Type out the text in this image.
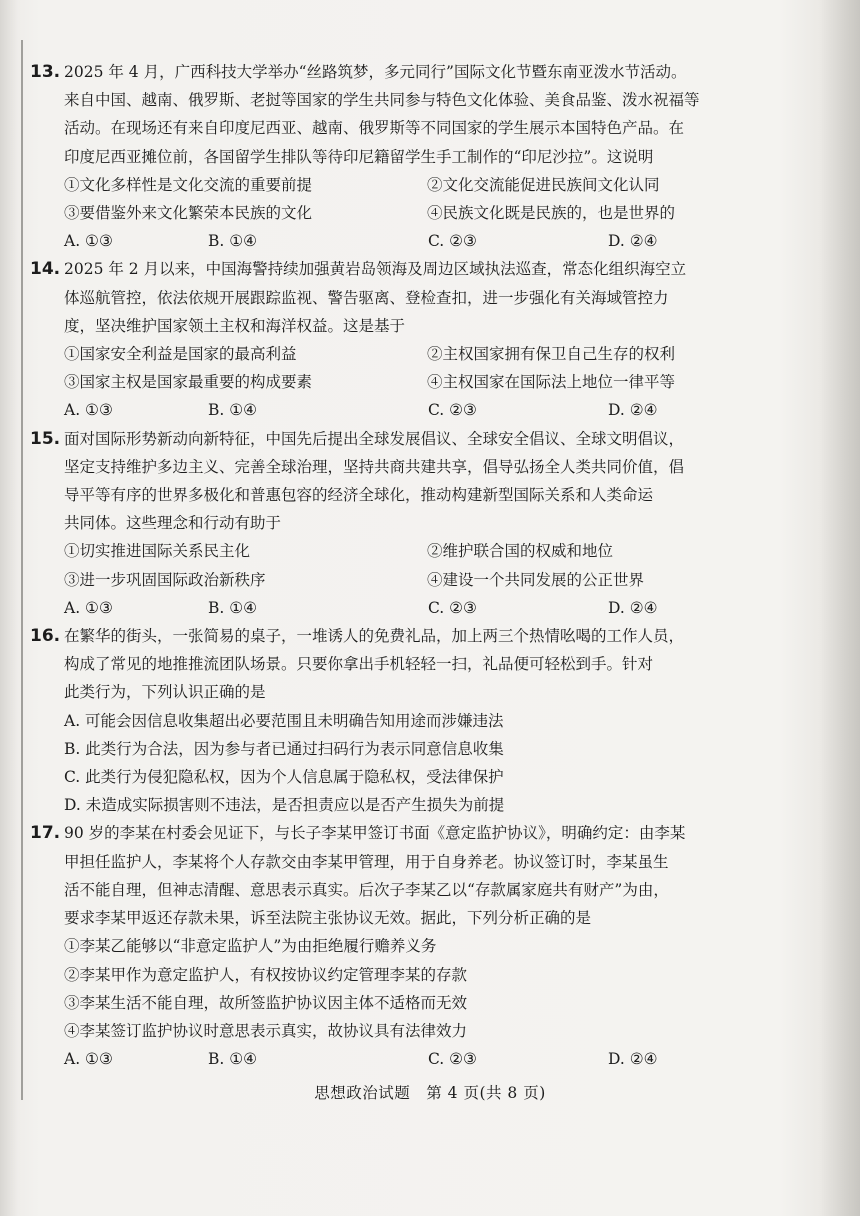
13. 2025 年 4 月，广西科技大学举办“丝路筑梦，多元同行”国际文化节暨东南亚泼水节活动。
来自中国、越南、俄罗斯、老挝等国家的学生共同参与特色文化体验、美食品鉴、泼水祝福等
活动。在现场还有来自印度尼西亚、越南、俄罗斯等不同国家的学生展示本国特色产品。在
印度尼西亚摊位前，各国留学生排队等待印尼籍留学生手工制作的“印尼沙拉”。这说明
①文化多样性是文化交流的重要前提	②文化交流能促进民族间文化认同
③要借鉴外来文化繁荣本民族的文化	④民族文化既是民族的，也是世界的
A. ①③	B. ①④	C. ②③	D. ②④
14. 2025 年 2 月以来，中国海警持续加强黄岩岛领海及周边区域执法巡查，常态化组织海空立
体巡航管控，依法依规开展跟踪监视、警告驱离、登检查扣，进一步强化有关海域管控力
度，坚决维护国家领土主权和海洋权益。这是基于
①国家安全利益是国家的最高利益	②主权国家拥有保卫自己生存的权利
③国家主权是国家最重要的构成要素	④主权国家在国际法上地位一律平等
A. ①③	B. ①④	C. ②③	D. ②④
15. 面对国际形势新动向新特征，中国先后提出全球发展倡议、全球安全倡议、全球文明倡议，
坚定支持维护多边主义、完善全球治理，坚持共商共建共享，倡导弘扬全人类共同价值，倡
导平等有序的世界多极化和普惠包容的经济全球化，推动构建新型国际关系和人类命运
共同体。这些理念和行动有助于
①切实推进国际关系民主化	②维护联合国的权威和地位
③进一步巩固国际政治新秩序	④建设一个共同发展的公正世界
A. ①③	B. ①④	C. ②③	D. ②④
16. 在繁华的街头，一张简易的桌子，一堆诱人的免费礼品，加上两三个热情吆喝的工作人员，
构成了常见的地推推流团队场景。只要你拿出手机轻轻一扫，礼品便可轻松到手。针对
此类行为，下列认识正确的是
A. 可能会因信息收集超出必要范围且未明确告知用途而涉嫌违法
B. 此类行为合法，因为参与者已通过扫码行为表示同意信息收集
C. 此类行为侵犯隐私权，因为个人信息属于隐私权，受法律保护
D. 未造成实际损害则不违法，是否担责应以是否产生损失为前提
17. 90 岁的李某在村委会见证下，与长子李某甲签订书面《意定监护协议》，明确约定：由李某
甲担任监护人，李某将个人存款交由李某甲管理，用于自身养老。协议签订时，李某虽生
活不能自理，但神志清醒、意思表示真实。后次子李某乙以“存款属家庭共有财产”为由，
要求李某甲返还存款未果，诉至法院主张协议无效。据此，下列分析正确的是
①李某乙能够以“非意定监护人”为由拒绝履行赡养义务
②李某甲作为意定监护人，有权按协议约定管理李某的存款
③李某生活不能自理，故所签监护协议因主体不适格而无效
④李某签订监护协议时意思表示真实，故协议具有法律效力
A. ①③	B. ①④	C. ②③	D. ②④
思想政治试题　第 4 页(共 8 页)
